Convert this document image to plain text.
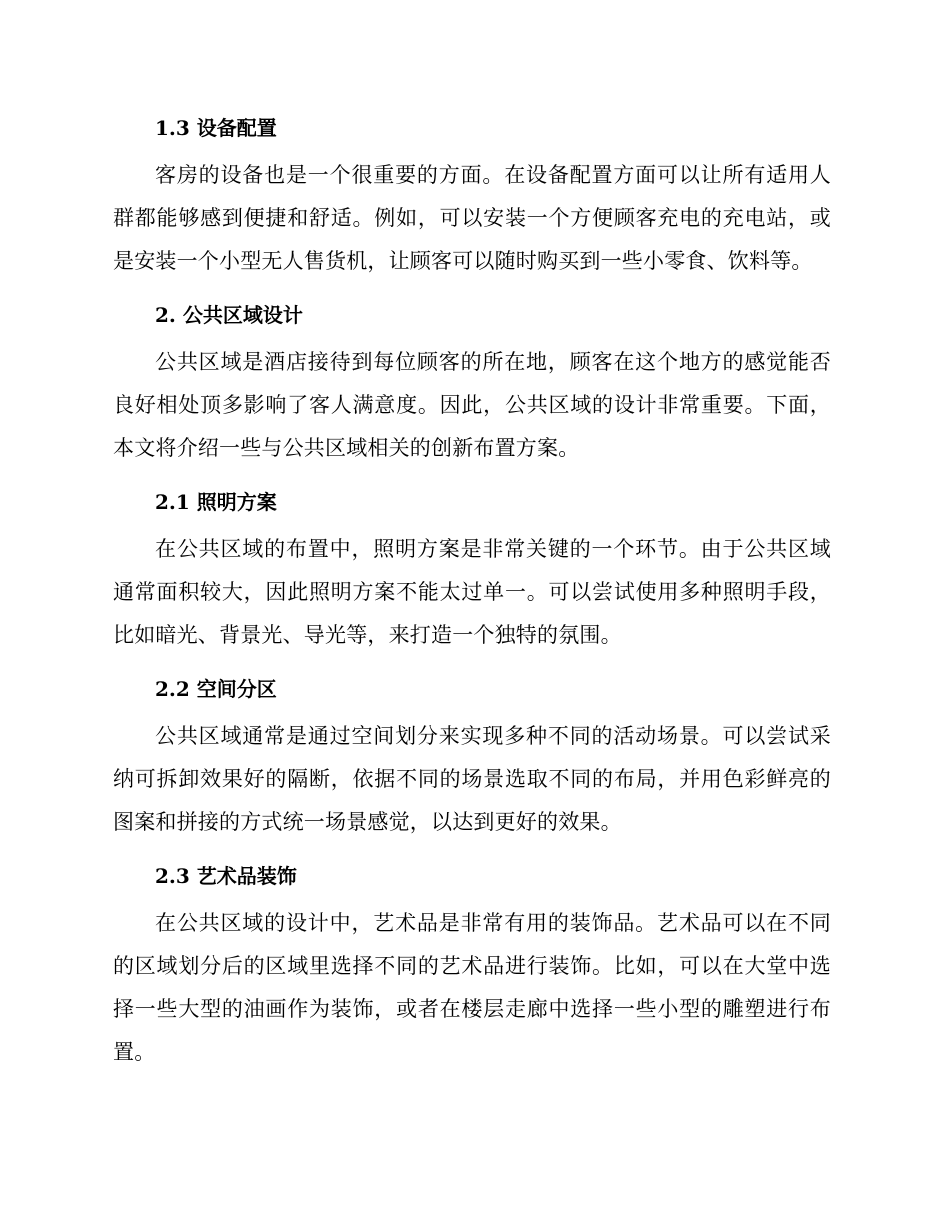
1.3 设备配置

客房的设备也是一个很重要的方面。在设备配置方面可以让所有适用人群都能够感到便捷和舒适。例如，可以安装一个方便顾客充电的充电站，或是安装一个小型无人售货机，让顾客可以随时购买到一些小零食、饮料等。

2. 公共区域设计

公共区域是酒店接待到每位顾客的所在地，顾客在这个地方的感觉能否良好相处顶多影响了客人满意度。因此，公共区域的设计非常重要。下面，本文将介绍一些与公共区域相关的创新布置方案。

2.1 照明方案

在公共区域的布置中，照明方案是非常关键的一个环节。由于公共区域通常面积较大，因此照明方案不能太过单一。可以尝试使用多种照明手段，比如暗光、背景光、导光等，来打造一个独特的氛围。

2.2 空间分区

公共区域通常是通过空间划分来实现多种不同的活动场景。可以尝试采纳可拆卸效果好的隔断，依据不同的场景选取不同的布局，并用色彩鲜亮的图案和拼接的方式统一场景感觉，以达到更好的效果。

2.3 艺术品装饰

在公共区域的设计中，艺术品是非常有用的装饰品。艺术品可以在不同的区域划分后的区域里选择不同的艺术品进行装饰。比如，可以在大堂中选择一些大型的油画作为装饰，或者在楼层走廊中选择一些小型的雕塑进行布置。
